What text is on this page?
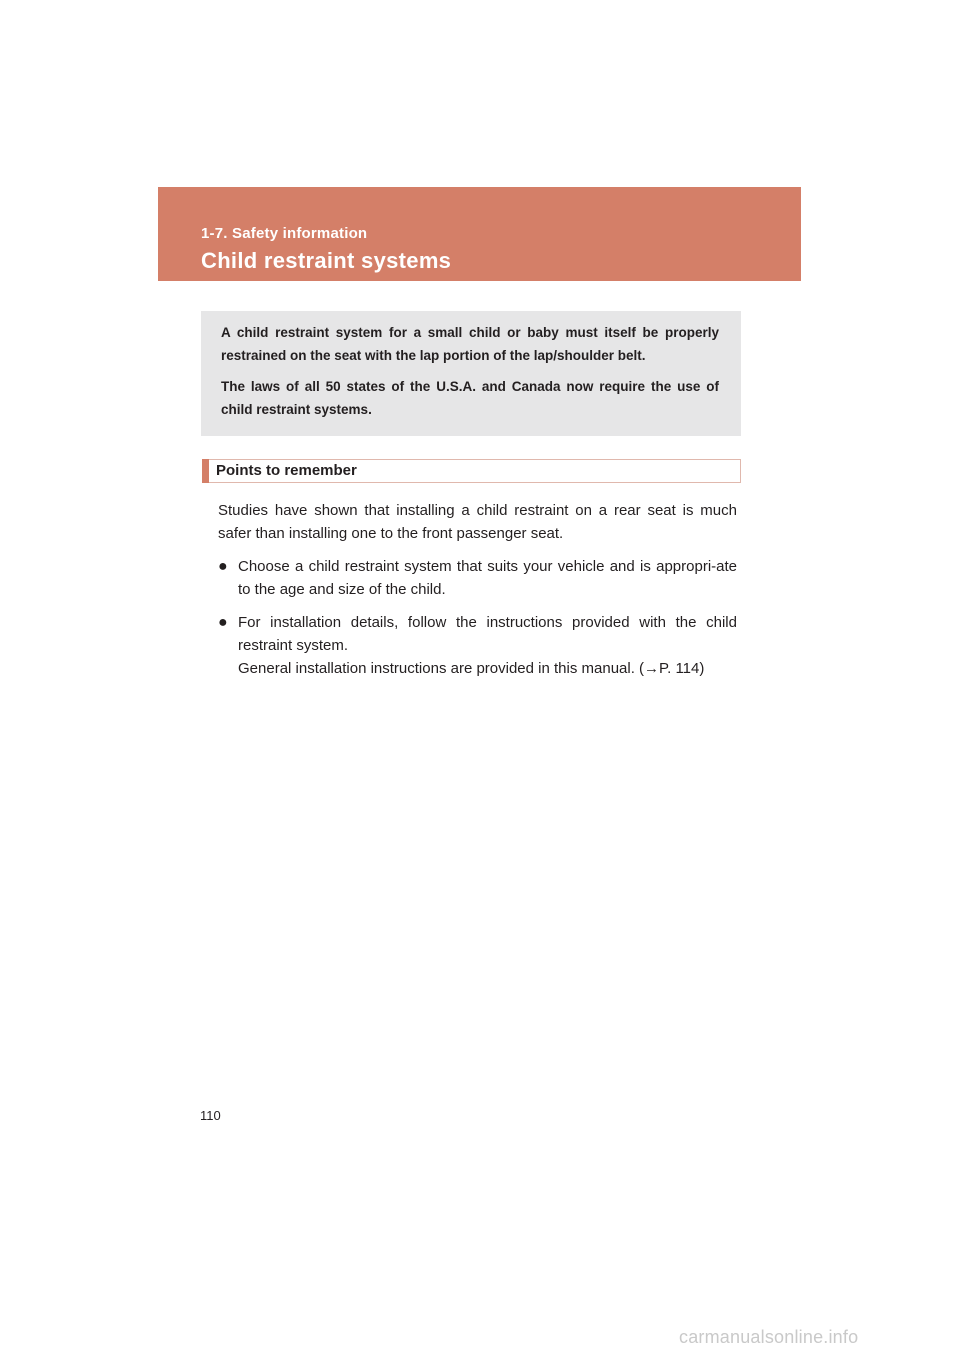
1-7. Safety information
Child restraint systems

A child restraint system for a small child or baby must itself be properly restrained on the seat with the lap portion of the lap/shoulder belt.

The laws of all 50 states of the U.S.A. and Canada now require the use of child restraint systems.

Points to remember

Studies have shown that installing a child restraint on a rear seat is much safer than installing one to the front passenger seat.

● Choose a child restraint system that suits your vehicle and is appropri-ate to the age and size of the child.
● For installation details, follow the instructions provided with the child restraint system.
General installation instructions are provided in this manual. (→P. 114)
110
carmanualsonline.info
